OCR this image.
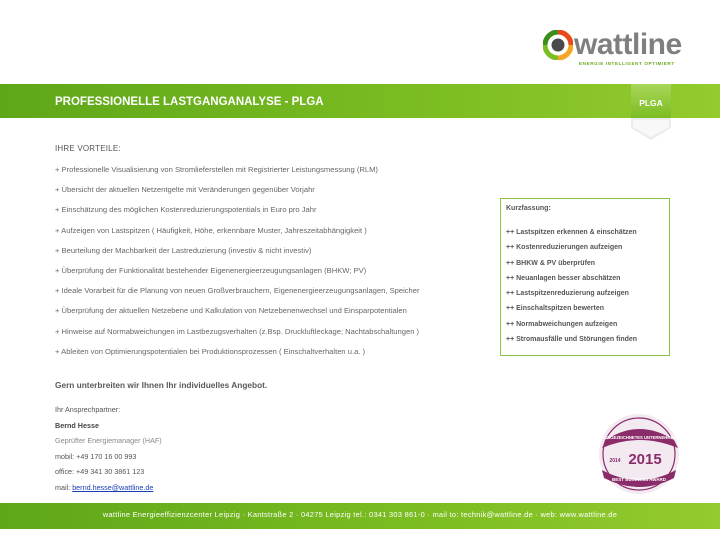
wattline
ENERGIE INTELLIGENT OPTIMIERT
PROFESSIONELLE LASTGANGANALYSE - PLGA	PLGA
IHRE VORTEILE:
+ Professionelle Visualisierung von Stromlieferstellen mit Registrierter Leistungsmessung (RLM)
+ Übersicht der aktuellen Netzentgelte mit Veränderungen gegenüber Vorjahr
+ Einschätzung des möglichen Kostenreduzierungspotentials in Euro pro Jahr
+ Aufzeigen von Lastspitzen ( Häufigkeit, Höhe, erkennbare Muster, Jahreszeitabhängigkeit )
+ Beurteilung der Machbarkeit der Lastreduzierung (investiv & nicht investiv)
+ Überprüfung der Funktionalität bestehender Eigenenergieerzeugungsanlagen (BHKW; PV)
+ Ideale Vorarbeit für die Planung von neuen Großverbrauchern, Eigenenergieerzeugungsanlagen, Speicher
+ Überprüfung der aktuellen Netzebene und Kalkulation von Netzebenenwechsel und Einsparpotentialen
+ Hinweise auf Normabweichungen im Lastbezugsverhalten (z.Bsp. Druckluftleckage; Nachtabschaltungen )
+ Ableiten von Optimierungspotentialen bei Produktionsprozessen ( Einschaltverhalten u.a. )
Kurzfassung:
++ Lastspitzen erkennen & einschätzen
++ Kostenreduzierungen aufzeigen
++ BHKW & PV überprüfen
++ Neuanlagen besser abschätzen
++ Lastspitzenreduzierung aufzeigen
++ Einschaltspitzen bewerten
++ Normabweichungen aufzeigen
++ Stromausfälle und Störungen finden
Gern unterbreiten wir Ihnen Ihr individuelles Angebot.
Ihr Ansprechpartner:
Bernd Hesse
Geprüfter Energiemanager (HAF)
mobil: +49 170 16 00 993
office: +49 341 30 3861 123
mail: bernd.hesse@wattline.de
AUSGEZEICHNETES UNTERNEHMEN
2014 2015
BEST BUSINESS AWARD
wattline Energieeffizienzcenter Leipzig · Kantstraße 2 · 04275 Leipzig tel.: 0341 303 861-0 · mail to: technik@wattline.de · web: www.wattline.de
